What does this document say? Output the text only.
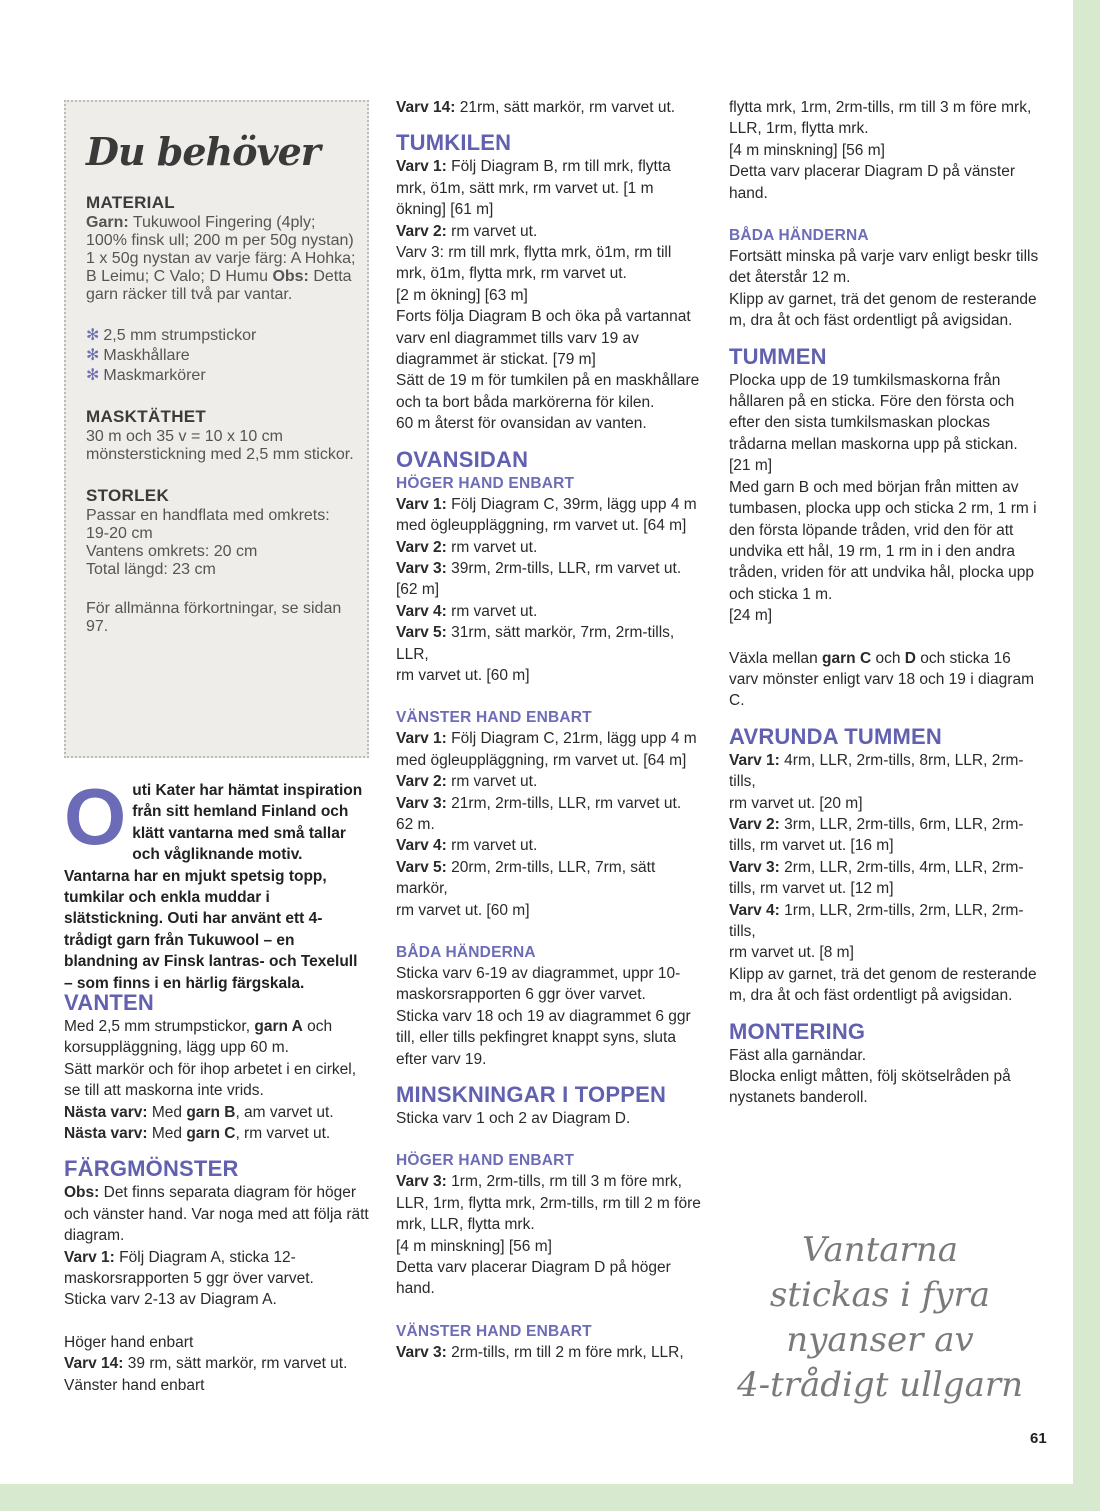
Du behöver
MATERIAL

Garn: Tukuwool Fingering (4ply; 100% finsk ull; 200 m per 50g nystan) 1 x 50g nystan av varje färg: A Hohka; B Leimu; C Valo; D Humu Obs: Detta garn räcker till två par vantar.

✻ 2,5 mm strumpstickor
✻ Maskhållare
✻ Maskmarkörer
MASKTÄTHET

30 m och 35 v = 10 x 10 cm mönsterstickning med 2,5 mm stickor.

STORLEK
Passar en handflata med omkrets: 19-20 cm
Vantens omkrets: 20 cm
Total längd: 23 cm

För allmänna förkortningar, se sidan 97.

O uti Kater har hämtat inspiration från sitt hemland Finland och klätt vantarna med små tallar och vågliknande motiv. Vantarna har en mjukt spetsig topp, tumkilar och enkla muddar i slätstickning. Outi har använt ett 4-trådigt garn från Tukuwool – en blandning av Finsk lantras- och Texelull – som finns i en härlig färgskala.
VANTEN

Med 2,5 mm strumpstickor, garn A och korsuppläggning, lägg upp 60 m.

Sätt markör och för ihop arbetet i en cirkel, se till att maskorna inte vrids.

Nästa varv: Med garn B, am varvet ut.

Nästa varv: Med garn C, rm varvet ut.

FÄRGMÖNSTER

Obs: Det finns separata diagram för höger och vänster hand. Var noga med att följa rätt diagram.

Varv 1: Följ Diagram A, sticka 12-maskorsrapporten 5 ggr över varvet.

Sticka varv 2-13 av Diagram A.

Höger hand enbart

Varv 14: 39 rm, sätt markör, rm varvet ut.

Vänster hand enbart

Varv 14: 21rm, sätt markör, rm varvet ut.

TUMKILEN

Varv 1: Följ Diagram B, rm till mrk, flytta mrk, ö1m, sätt mrk, rm varvet ut. [1 m ökning] [61 m]

Varv 2: rm varvet ut.

Varv 3: rm till mrk, flytta mrk, ö1m, rm till mrk, ö1m, flytta mrk, rm varvet ut.

[2 m ökning] [63 m]

Forts följa Diagram B och öka på vartannat varv enl diagrammet tills varv 19 av diagrammet är stickat. [79 m]

Sätt de 19 m för tumkilen på en maskhållare och ta bort båda markörerna för kilen.

60 m återst för ovansidan av vanten.

OVANSIDAN
HÖGER HAND ENBART

Varv 1: Följ Diagram C, 39rm, lägg upp 4 m med ögleuppläggning, rm varvet ut. [64 m]

Varv 2: rm varvet ut.

Varv 3: 39rm, 2rm-tills, LLR, rm varvet ut. [62 m]

Varv 4: rm varvet ut.

Varv 5: 31rm, sätt markör, 7rm, 2rm-tills, LLR,

rm varvet ut. [60 m]

VÄNSTER HAND ENBART

Varv 1: Följ Diagram C, 21rm, lägg upp 4 m med ögleuppläggning, rm varvet ut. [64 m]

Varv 2: rm varvet ut.

Varv 3: 21rm, 2rm-tills, LLR, rm varvet ut. 62 m.

Varv 4: rm varvet ut.

Varv 5: 20rm, 2rm-tills, LLR, 7rm, sätt markör,

rm varvet ut. [60 m]

BÅDA HÄNDERNA

Sticka varv 6-19 av diagrammet, uppr 10-maskorsrapporten 6 ggr över varvet.

Sticka varv 18 och 19 av diagrammet 6 ggr till, eller tills pekfingret knappt syns, sluta efter varv 19.

MINSKNINGAR I TOPPEN

Sticka varv 1 och 2 av Diagram D.

HÖGER HAND ENBART

Varv 3: 1rm, 2rm-tills, rm till 3 m före mrk, LLR, 1rm, flytta mrk, 2rm-tills, rm till 2 m före mrk, LLR, flytta mrk.

[4 m minskning] [56 m]

Detta varv placerar Diagram D på höger hand.

VÄNSTER HAND ENBART

Varv 3: 2rm-tills, rm till 2 m före mrk, LLR,

flytta mrk, 1rm, 2rm-tills, rm till 3 m före mrk, LLR, 1rm, flytta mrk.

[4 m minskning] [56 m]

Detta varv placerar Diagram D på vänster hand.

BÅDA HÄNDERNA

Fortsätt minska på varje varv enligt beskr tills det återstår 12 m.

Klipp av garnet, trä det genom de resterande m, dra åt och fäst ordentligt på avigsidan.

TUMMEN

Plocka upp de 19 tumkilsmaskorna från hållaren på en sticka. Före den första och efter den sista tumkilsmaskan plockas trådarna mellan maskorna upp på stickan.

[21 m]

Med garn B och med början från mitten av tumbasen, plocka upp och sticka 2 rm, 1 rm i den första löpande tråden, vrid den för att undvika ett hål, 19 rm, 1 rm in i den andra tråden, vriden för att undvika hål, plocka upp och sticka 1 m.

[24 m]

Växla mellan garn C och D och sticka 16 varv mönster enligt varv 18 och 19 i diagram C.

AVRUNDA TUMMEN

Varv 1: 4rm, LLR, 2rm-tills, 8rm, LLR, 2rm-tills,

rm varvet ut. [20 m]

Varv 2: 3rm, LLR, 2rm-tills, 6rm, LLR, 2rm-tills, rm varvet ut. [16 m]

Varv 3: 2rm, LLR, 2rm-tills, 4rm, LLR, 2rm-tills, rm varvet ut. [12 m]

Varv 4: 1rm, LLR, 2rm-tills, 2rm, LLR, 2rm-tills,

rm varvet ut. [8 m]

Klipp av garnet, trä det genom de resterande m, dra åt och fäst ordentligt på avigsidan.

MONTERING

Fäst alla garnändar.

Blocka enligt måtten, följ skötselråden på nystanets banderoll.

Vantarna
stickas i fyra
nyanser av
4-trådigt ullgarn
61
